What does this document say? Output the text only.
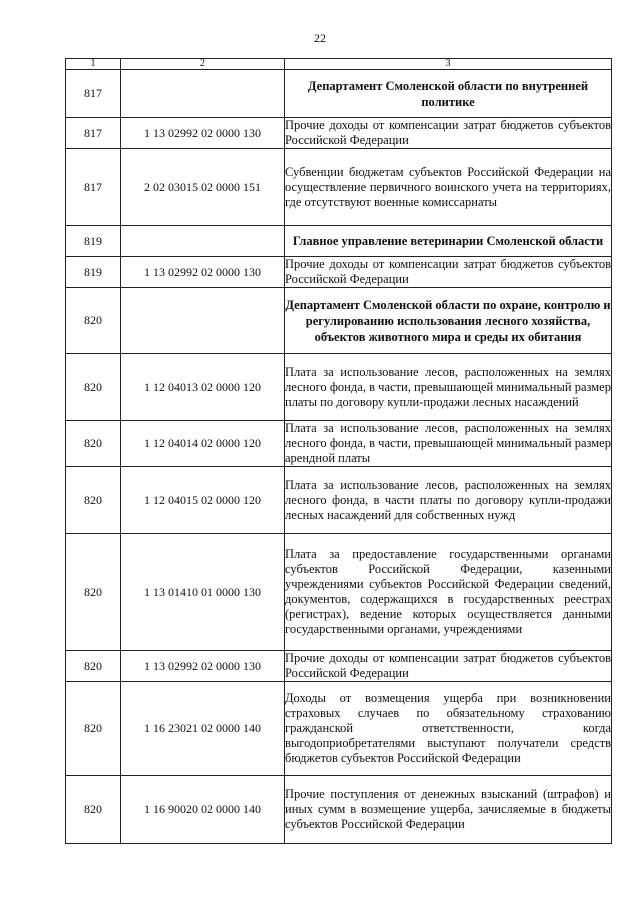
22
1	2	3
817		Департамент Смоленской области по внутренней политике
817	1 13 02992 02 0000 130	Прочие доходы от компенсации затрат бюджетов субъектов Российской Федерации
817	2 02 03015 02 0000 151	Субвенции бюджетам субъектов Российской Федерации на осуществление первичного воинского учета на территориях, где отсутствуют военные комиссариаты
819		Главное управление ветеринарии Смоленской области
819	1 13 02992 02 0000 130	Прочие доходы от компенсации затрат бюджетов субъектов Российской Федерации
820		Департамент Смоленской области по охране, контролю и регулированию использования лесного хозяйства, объектов животного мира и среды их обитания
820	1 12 04013 02 0000 120	Плата за использование лесов, расположенных на землях лесного фонда, в части, превышающей минимальный размер платы по договору купли-продажи лесных насаждений
820	1 12 04014 02 0000 120	Плата за использование лесов, расположенных на землях лесного фонда, в части, превышающей минимальный размер арендной платы
820	1 12 04015 02 0000 120	Плата за использование лесов, расположенных на землях лесного фонда, в части платы по договору купли-продажи лесных насаждений для собственных нужд
820	1 13 01410 01 0000 130	Плата за предоставление государственными органами субъектов Российской Федерации, казенными учреждениями субъектов Российской Федерации сведений, документов, содержащихся в государственных реестрах (регистрах), ведение которых осуществляется данными государственными органами, учреждениями
820	1 13 02992 02 0000 130	Прочие доходы от компенсации затрат бюджетов субъектов Российской Федерации
820	1 16 23021 02 0000 140	Доходы от возмещения ущерба при возникновении страховых случаев по обязательному страхованию гражданской ответственности, когда выгодоприобретателями выступают получатели средств бюджетов субъектов Российской Федерации
820	1 16 90020 02 0000 140	Прочие поступления от денежных взысканий (штрафов) и иных сумм в возмещение ущерба, зачисляемые в бюджеты субъектов Российской Федерации
